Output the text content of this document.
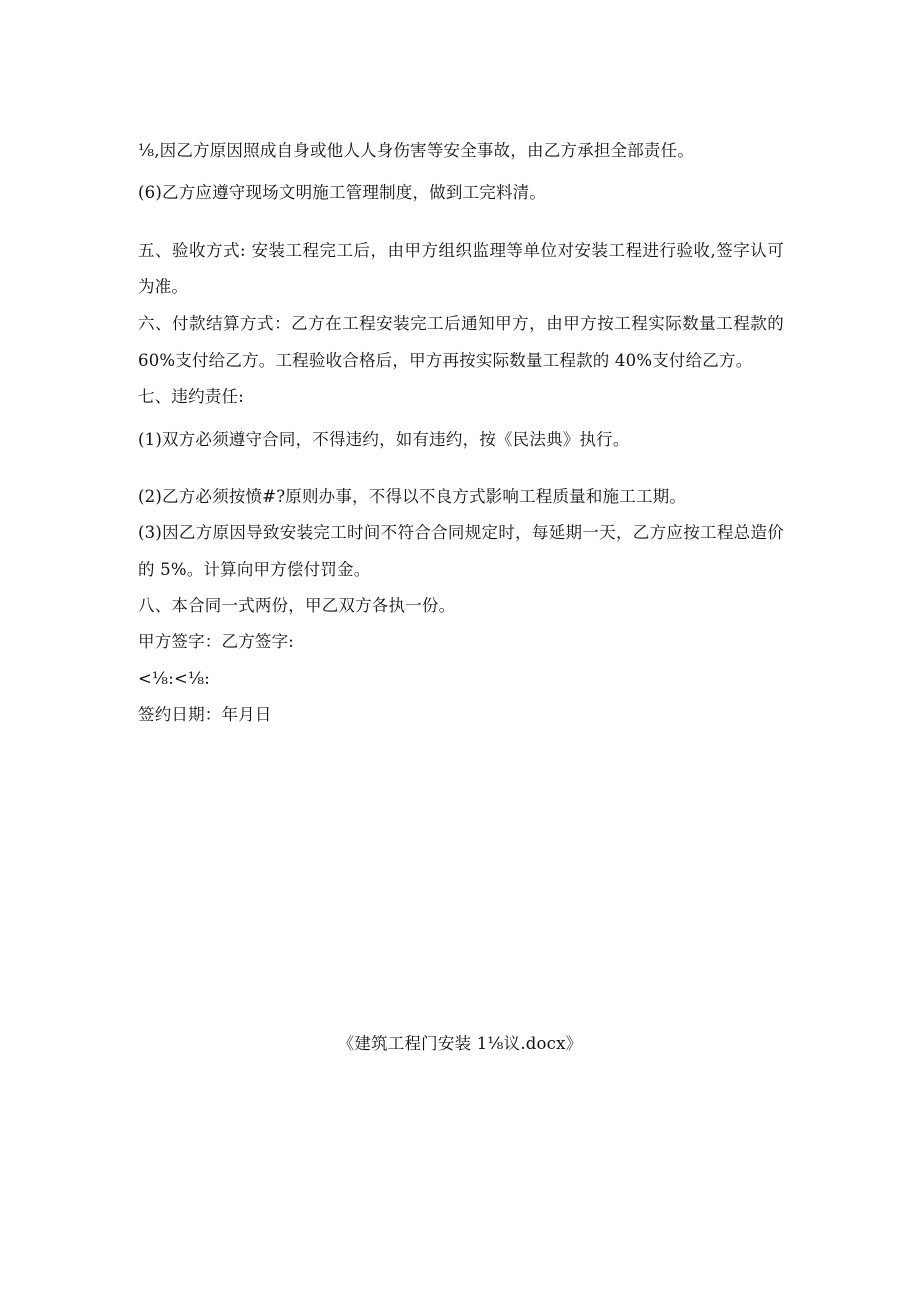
⅛,因乙方原因照成自身或他人人身伤害等安全事故，由乙方承担全部责任。
(6)乙方应遵守现场文明施工管理制度，做到工完料清。
五、验收方式: 安装工程完工后，由甲方组织监理等单位对安装工程进行验收,签字认可
为准。
六、付款结算方式：乙方在工程安装完工后通知甲方，由甲方按工程实际数量工程款的
60%支付给乙方。工程验收合格后，甲方再按实际数量工程款的 40%支付给乙方。
七、违约责任:
(1)双方必须遵守合同，不得违约，如有违约，按《民法典》执行。
(2)乙方必须按愤#?原则办事，不得以不良方式影响工程质量和施工工期。
(3)因乙方原因导致安装完工时间不符合合同规定时，每延期一天，乙方应按工程总造价
的 5%。计算向甲方偿付罚金。
八、本合同一式两份，甲乙双方各执一份。
甲方签字：乙方签字:
<⅛:<⅛:
签约日期：年月日
《建筑工程门安装 1⅛议.docx》
